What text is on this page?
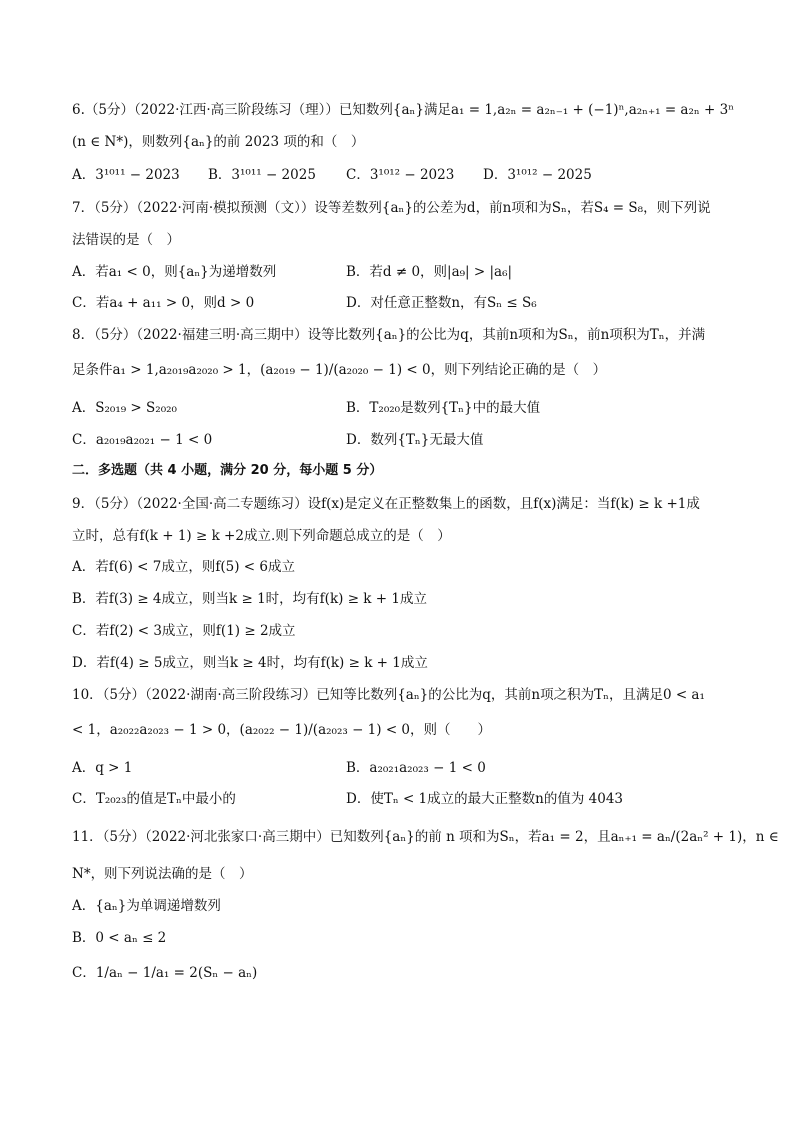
6.（5分）（2022·江西·高三阶段练习（理））已知数列{aₙ}满足a₁ = 1,a₂ₙ = a₂ₙ₋₁ + (−1)ⁿ,a₂ₙ₊₁ = a₂ₙ + 3ⁿ
(n ∈ N*)，则数列{aₙ}的前 2023 项的和（　）
A．3¹⁰¹¹ − 2023 B．3¹⁰¹¹ − 2025 C．3¹⁰¹² − 2023 D．3¹⁰¹² − 2025
7．（5分）（2022·河南·模拟预测（文））设等差数列{aₙ}的公差为d，前n项和为Sₙ，若S₄ = S₈，则下列说
法错误的是（　）
A．若a₁ < 0，则{aₙ}为递增数列	B．若d ≠ 0，则|a₉| > |a₆|
C．若a₄ + a₁₁ > 0，则d > 0	D．对任意正整数n，有Sₙ ≤ S₆
8．（5分）（2022·福建三明·高三期中）设等比数列{aₙ}的公比为q，其前n项和为Sₙ，前n项积为Tₙ，并满
足条件a₁ > 1,a₂₀₁₉a₂₀₂₀ > 1，(a₂₀₁₉ − 1)/(a₂₀₂₀ − 1) < 0，则下列结论正确的是（　）
A．S₂₀₁₉ > S₂₀₂₀	B．T₂₀₂₀是数列{Tₙ}中的最大值
C．a₂₀₁₉a₂₀₂₁ − 1 < 0	D．数列{Tₙ}无最大值
二．多选题（共 4 小题，满分 20 分，每小题 5 分）
9．（5分）（2022·全国·高二专题练习）设f(x)是定义在正整数集上的函数，且f(x)满足：当f(k) ≥ k +1成
立时，总有f(k + 1) ≥ k +2成立.则下列命题总成立的是（　）
A．若f(6) < 7成立，则f(5) < 6成立
B．若f(3) ≥ 4成立，则当k ≥ 1时，均有f(k) ≥ k + 1成立
C．若f(2) < 3成立，则f(1) ≥ 2成立
D．若f(4) ≥ 5成立，则当k ≥ 4时，均有f(k) ≥ k + 1成立
10．（5分）（2022·湖南·高三阶段练习）已知等比数列{aₙ}的公比为q，其前n项之积为Tₙ，且满足0 < a₁
< 1，a₂₀₂₂a₂₀₂₃ − 1 > 0，(a₂₀₂₂ − 1)/(a₂₀₂₃ − 1) < 0，则（　　）
A．q > 1	B．a₂₀₂₁a₂₀₂₃ − 1 < 0
C．T₂₀₂₃的值是Tₙ中最小的	D．使Tₙ < 1成立的最大正整数n的值为 4043
11．（5分）（2022·河北张家口·高三期中）已知数列{aₙ}的前 n 项和为Sₙ，若a₁ = 2，且aₙ₊₁ = aₙ/(2aₙ² + 1)，n ∈
N*，则下列说法确的是（　）
A．{aₙ}为单调递增数列
B．0 < aₙ ≤ 2
C．1/aₙ − 1/a₁ = 2(Sₙ − aₙ)
